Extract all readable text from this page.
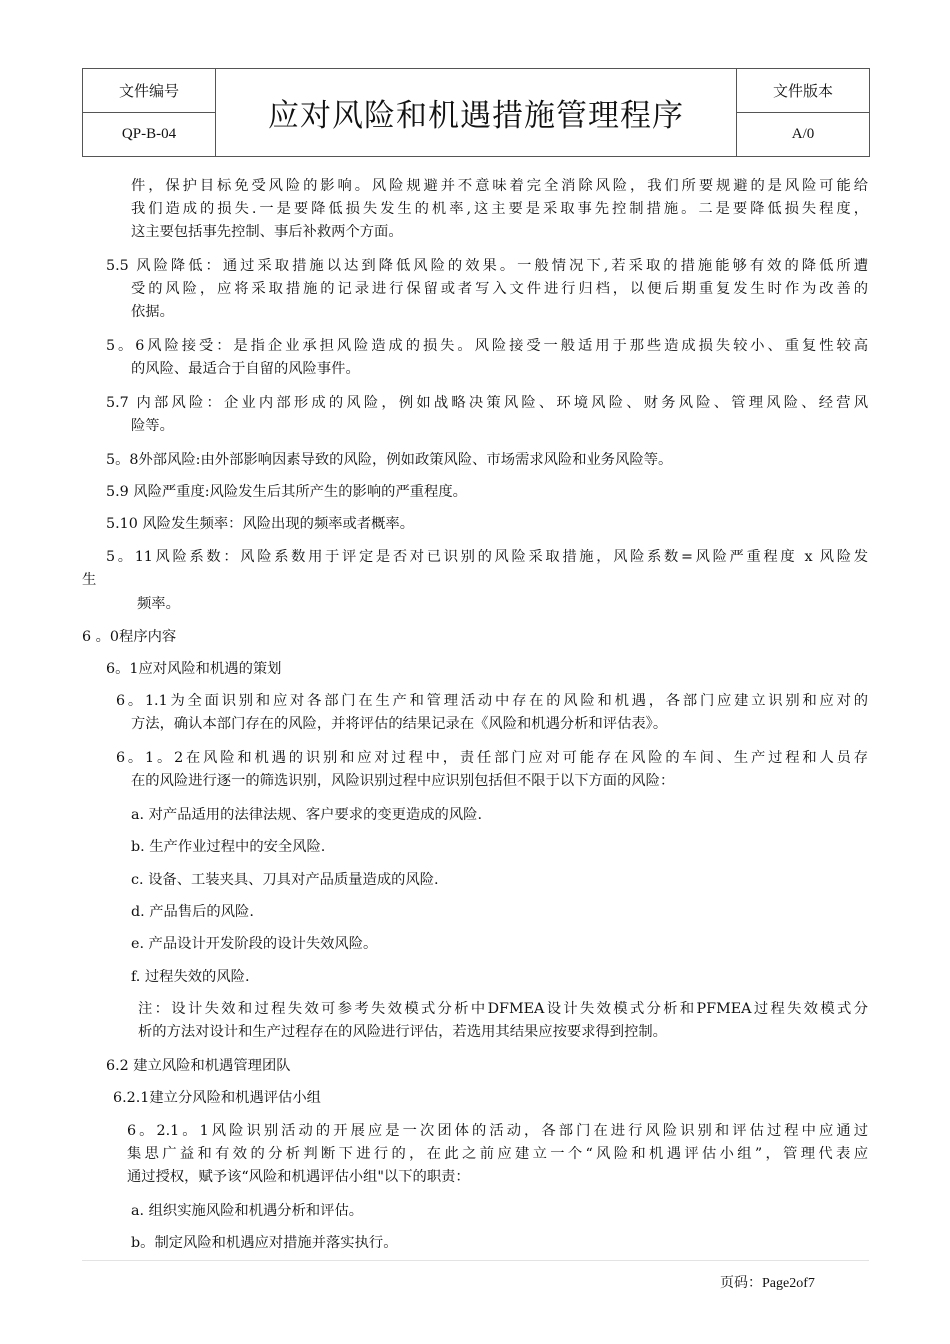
文件编号	应对风险和机遇措施管理程序	文件版本
QP-B-04		A/0
件，保护目标免受风险的影响。风险规避并不意味着完全消除风险，我们所要规避的是风险可能给
我们造成的损失.一是要降低损失发生的机率,这主要是采取事先控制措施。二是要降低损失程度，
这主要包括事先控制、事后补救两个方面。
5.5 风险降低：通过采取措施以达到降低风险的效果。一般情况下,若采取的措施能够有效的降低所遭
受的风险，应将采取措施的记录进行保留或者写入文件进行归档，以便后期重复发生时作为改善的
依据。
5。6风险接受：是指企业承担风险造成的损失。风险接受一般适用于那些造成损失较小、重复性较高
的风险、最适合于自留的风险事件。
5.7 内部风险：企业内部形成的风险，例如战略决策风险、环境风险、财务风险、管理风险、经营风
险等。
5。8外部风险:由外部影响因素导致的风险，例如政策风险、市场需求风险和业务风险等。
5.9 风险严重度:风险发生后其所产生的影响的严重程度。
5.10 风险发生频率：风险出现的频率或者概率。
5。11风险系数：风险系数用于评定是否对已识别的风险采取措施，风险系数=风险严重程度 x 风险发
生
频率。
6 。0程序内容
6。1应对风险和机遇的策划
6。1.1为全面识别和应对各部门在生产和管理活动中存在的风险和机遇，各部门应建立识别和应对的
方法，确认本部门存在的风险，并将评估的结果记录在《风险和机遇分析和评估表》。
6。1。2在风险和机遇的识别和应对过程中，责任部门应对可能存在风险的车间、生产过程和人员存
在的风险进行逐一的筛选识别，风险识别过程中应识别包括但不限于以下方面的风险：
a. 对产品适用的法律法规、客户要求的变更造成的风险.
b. 生产作业过程中的安全风险.
c. 设备、工装夹具、刀具对产品质量造成的风险.
d. 产品售后的风险.
e. 产品设计开发阶段的设计失效风险。
f. 过程失效的风险.
注：设计失效和过程失效可参考失效模式分析中DFMEA设计失效模式分析和PFMEA过程失效模式分
析的方法对设计和生产过程存在的风险进行评估，若选用其结果应按要求得到控制。
6.2 建立风险和机遇管理团队
6.2.1建立分风险和机遇评估小组
6。2.1。1风险识别活动的开展应是一次团体的活动，各部门在进行风险识别和评估过程中应通过
集思广益和有效的分析判断下进行的，在此之前应建立一个“风险和机遇评估小组”，管理代表应
通过授权，赋予该“风险和机遇评估小组"以下的职责：
a. 组织实施风险和机遇分析和评估。
b。制定风险和机遇应对措施并落实执行。
页码：Page2of7
